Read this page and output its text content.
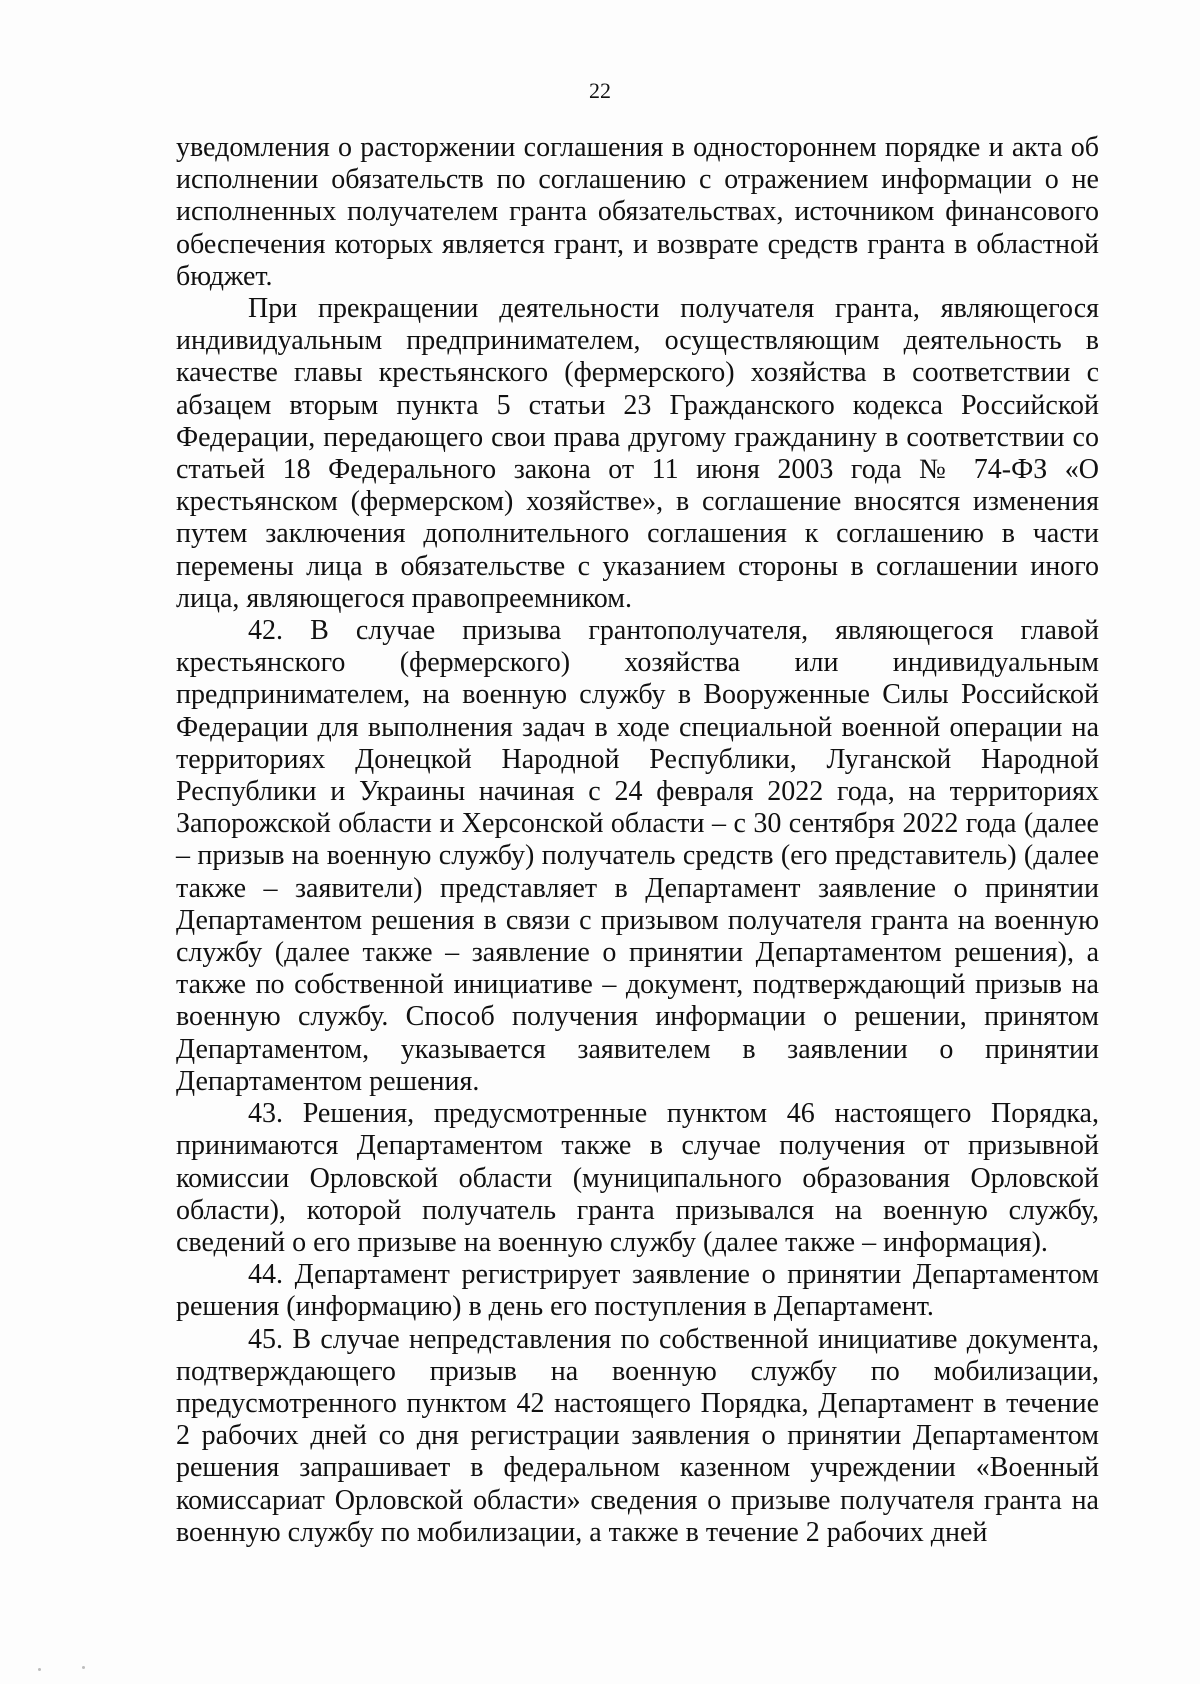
22

уведомления о расторжении соглашения в одностороннем порядке и акта об исполнении обязательств по соглашению с отражением информации о не исполненных получателем гранта обязательствах, источником финансового обеспечения которых является грант, и возврате средств гранта в областной бюджет.

При прекращении деятельности получателя гранта, являющегося индивидуальным предпринимателем, осуществляющим деятельность в качестве главы крестьянского (фермерского) хозяйства в соответствии с абзацем вторым пункта 5 статьи 23 Гражданского кодекса Российской Федерации, передающего свои права другому гражданину в соответствии со статьей 18 Федерального закона от 11 июня 2003 года № 74-ФЗ «О крестьянском (фермерском) хозяйстве», в соглашение вносятся изменения путем заключения дополнительного соглашения к соглашению в части перемены лица в обязательстве с указанием стороны в соглашении иного лица, являющегося правопреемником.

42. В случае призыва грантополучателя, являющегося главой крестьянского (фермерского) хозяйства или индивидуальным предпринимателем, на военную службу в Вооруженные Силы Российской Федерации для выполнения задач в ходе специальной военной операции на территориях Донецкой Народной Республики, Луганской Народной Республики и Украины начиная с 24 февраля 2022 года, на территориях Запорожской области и Херсонской области – с 30 сентября 2022 года (далее – призыв на военную службу) получатель средств (его представитель) (далее также – заявители) представляет в Департамент заявление о принятии Департаментом решения в связи с призывом получателя гранта на военную службу (далее также – заявление о принятии Департаментом решения), а также по собственной инициативе – документ, подтверждающий призыв на военную службу. Способ получения информации о решении, принятом Департаментом, указывается заявителем в заявлении о принятии Департаментом решения.

43. Решения, предусмотренные пунктом 46 настоящего Порядка, принимаются Департаментом также в случае получения от призывной комиссии Орловской области (муниципального образования Орловской области), которой получатель гранта призывался на военную службу, сведений о его призыве на военную службу (далее также – информация).

44. Департамент регистрирует заявление о принятии Департаментом решения (информацию) в день его поступления в Департамент.

45. В случае непредставления по собственной инициативе документа, подтверждающего призыв на военную службу по мобилизации, предусмотренного пунктом 42 настоящего Порядка, Департамент в течение 2 рабочих дней со дня регистрации заявления о принятии Департаментом решения запрашивает в федеральном казенном учреждении «Военный комиссариат Орловской области» сведения о призыве получателя гранта на военную службу по мобилизации, а также в течение 2 рабочих дней
